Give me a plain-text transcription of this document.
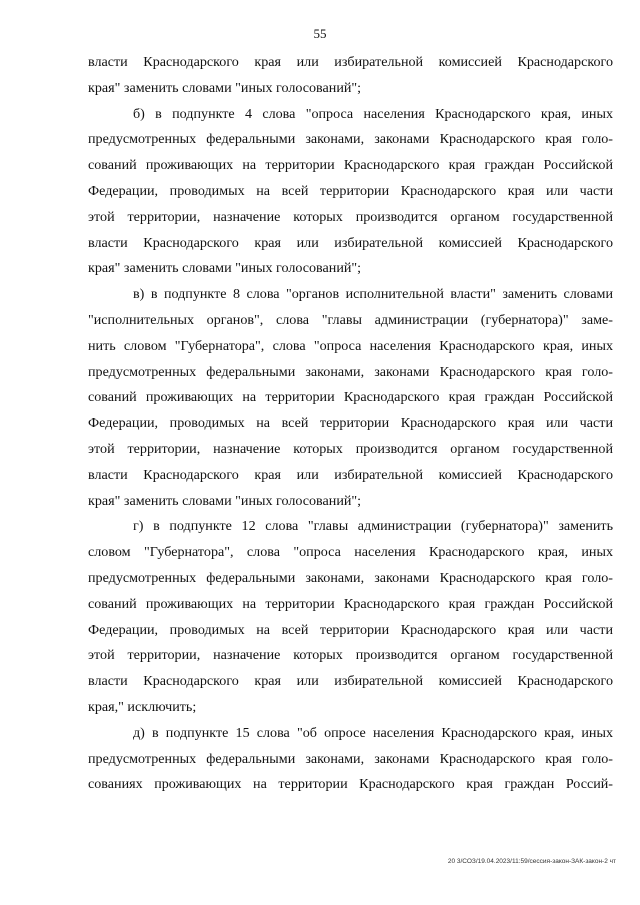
55
власти Краснодарского края или избирательной комиссией Краснодарского
края" заменить словами "иных голосований";
б) в подпункте 4 слова "опроса населения Краснодарского края, иных
предусмотренных федеральными законами, законами Краснодарского края голо-
сований проживающих на территории Краснодарского края граждан Российской
Федерации, проводимых на всей территории Краснодарского края или части
этой территории, назначение которых производится органом государственной
власти Краснодарского края или избирательной комиссией Краснодарского
края" заменить словами "иных голосований";
в) в подпункте 8 слова "органов исполнительной власти" заменить словами
"исполнительных органов", слова "главы администрации (губернатора)" заме-
нить словом "Губернатора", слова "опроса населения Краснодарского края, иных
предусмотренных федеральными законами, законами Краснодарского края голо-
сований проживающих на территории Краснодарского края граждан Российской
Федерации, проводимых на всей территории Краснодарского края или части
этой территории, назначение которых производится органом государственной
власти Краснодарского края или избирательной комиссией Краснодарского
края" заменить словами "иных голосований";
г) в подпункте 12 слова "главы администрации (губернатора)" заменить
словом "Губернатора", слова "опроса населения Краснодарского края, иных
предусмотренных федеральными законами, законами Краснодарского края голо-
сований проживающих на территории Краснодарского края граждан Российской
Федерации, проводимых на всей территории Краснодарского края или части
этой территории, назначение которых производится органом государственной
власти Краснодарского края или избирательной комиссией Краснодарского
края," исключить;
д) в подпункте 15 слова "об опросе населения Краснодарского края, иных
предусмотренных федеральными законами, законами Краснодарского края голо-
сованиях проживающих на территории Краснодарского края граждан Россий-
20 3/СОЗ/19.04.2023/11:59/сессия-закон-ЗАК-закон-2 чт
